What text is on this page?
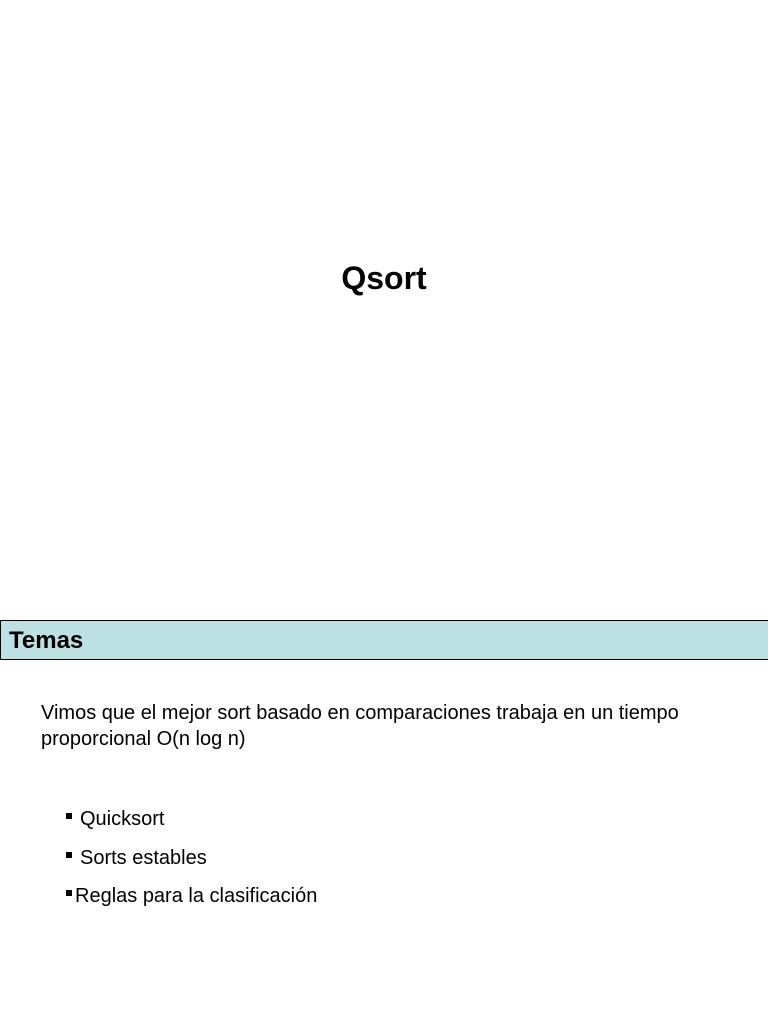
Qsort
Temas
Vimos que el mejor sort basado en comparaciones trabaja en un tiempo proporcional O(n log n)
Quicksort
Sorts estables
Reglas para la clasificación
